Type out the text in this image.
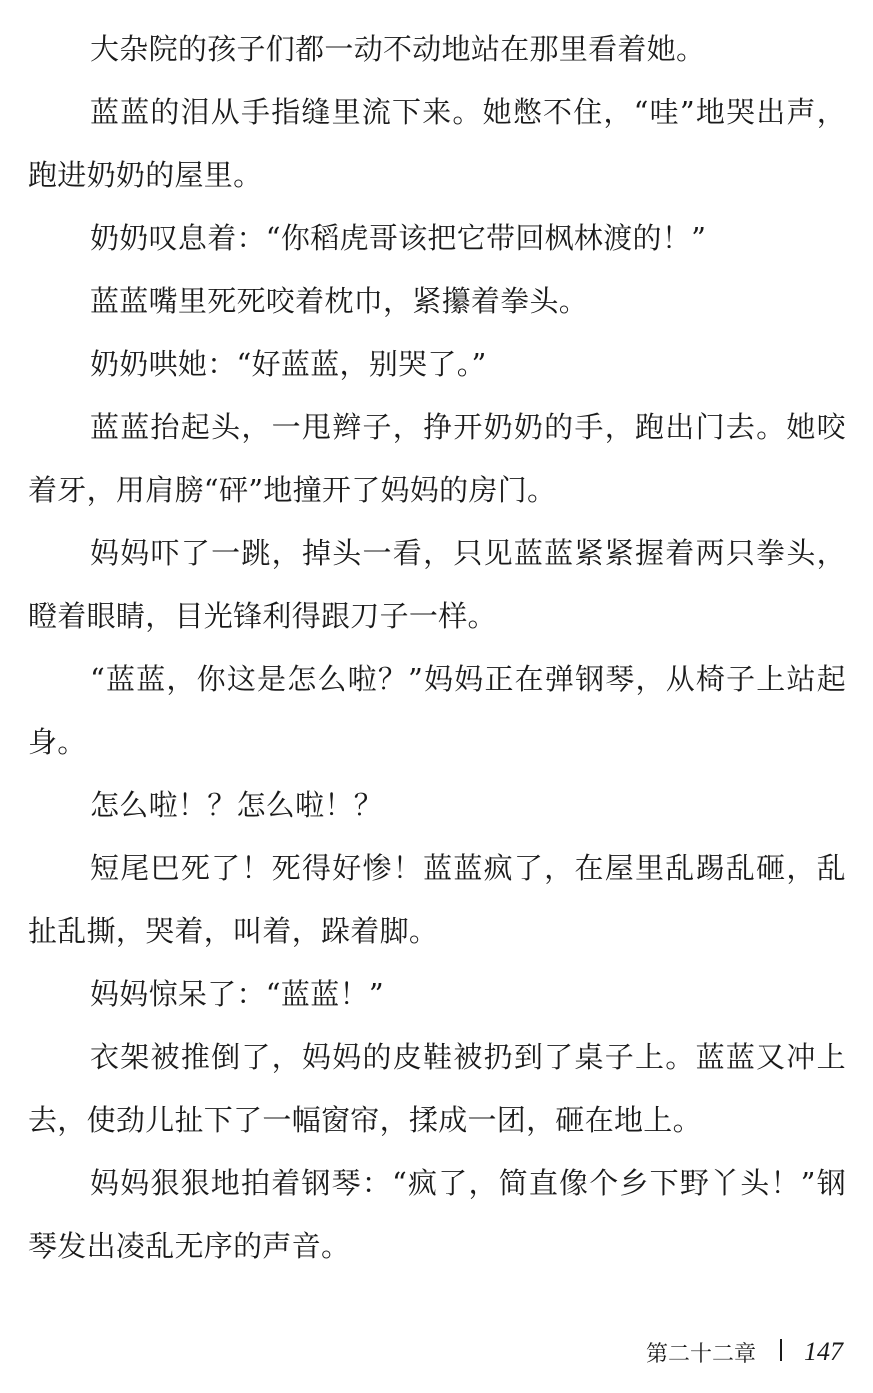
大杂院的孩子们都一动不动地站在那里看着她。

蓝蓝的泪从手指缝里流下来。她憋不住，“哇”地哭出声，跑进奶奶的屋里。

奶奶叹息着：“你稻虎哥该把它带回枫林渡的！”

蓝蓝嘴里死死咬着枕巾，紧攥着拳头。

奶奶哄她：“好蓝蓝，别哭了。”

蓝蓝抬起头，一甩辫子，挣开奶奶的手，跑出门去。她咬着牙，用肩膀“砰”地撞开了妈妈的房门。

妈妈吓了一跳，掉头一看，只见蓝蓝紧紧握着两只拳头，瞪着眼睛，目光锋利得跟刀子一样。

“蓝蓝，你这是怎么啦？”妈妈正在弹钢琴，从椅子上站起身。

怎么啦！？怎么啦！？

短尾巴死了！死得好惨！蓝蓝疯了，在屋里乱踢乱砸，乱扯乱撕，哭着，叫着，跺着脚。

妈妈惊呆了：“蓝蓝！”

衣架被推倒了，妈妈的皮鞋被扔到了桌子上。蓝蓝又冲上去，使劲儿扯下了一幅窗帘，揉成一团，砸在地上。

妈妈狠狠地拍着钢琴：“疯了，简直像个乡下野丫头！”钢琴发出凌乱无序的声音。

第二十二章 147
